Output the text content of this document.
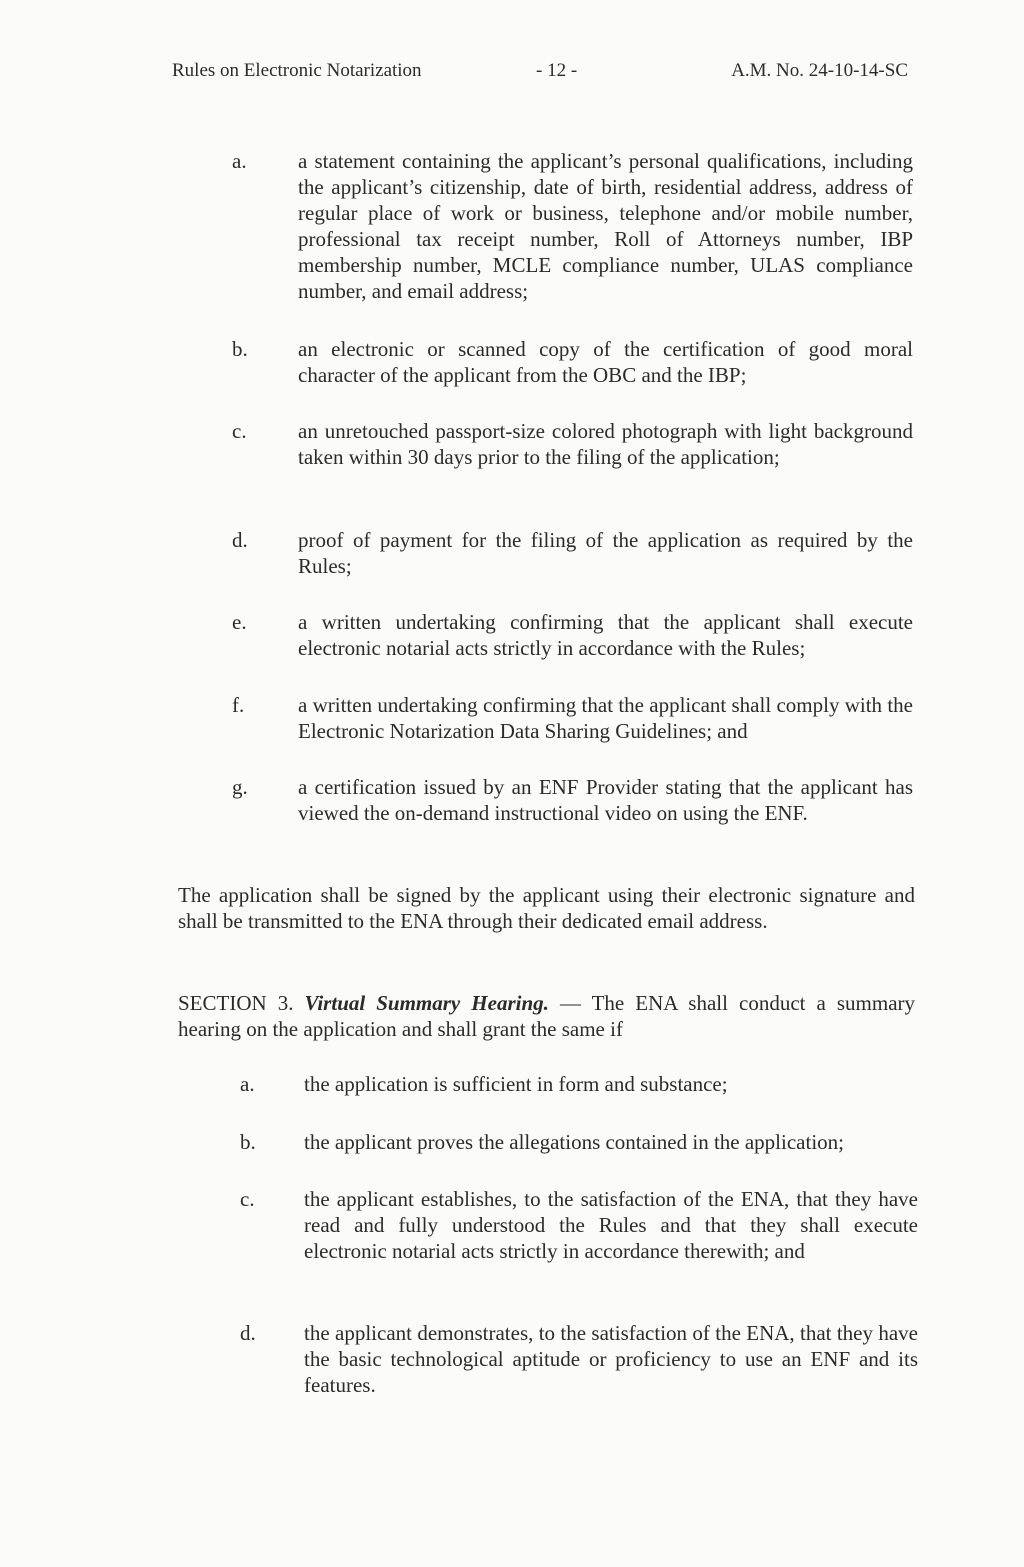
Rules on Electronic Notarization	- 12 -	A.M. No. 24-10-14-SC
a. a statement containing the applicant’s personal qualifications, including the applicant’s citizenship, date of birth, residential address, address of regular place of work or business, telephone and/or mobile number, professional tax receipt number, Roll of Attorneys number, IBP membership number, MCLE compliance number, ULAS compliance number, and email address;
b. an electronic or scanned copy of the certification of good moral character of the applicant from the OBC and the IBP;
c. an unretouched passport-size colored photograph with light background taken within 30 days prior to the filing of the application;
d. proof of payment for the filing of the application as required by the Rules;
e. a written undertaking confirming that the applicant shall execute electronic notarial acts strictly in accordance with the Rules;
f.	a written undertaking confirming that the applicant shall comply with the Electronic Notarization Data Sharing Guidelines; and
g. a certification issued by an ENF Provider stating that the applicant has viewed the on-demand instructional video on using the ENF.
The application shall be signed by the applicant using their electronic signature and shall be transmitted to the ENA through their dedicated email address.
SECTION 3. Virtual Summary Hearing. — The ENA shall conduct a summary hearing on the application and shall grant the same if
a. the application is sufficient in form and substance;
b. the applicant proves the allegations contained in the application;
c. the applicant establishes, to the satisfaction of the ENA, that they have read and fully understood the Rules and that they shall execute electronic notarial acts strictly in accordance therewith; and
d. the applicant demonstrates, to the satisfaction of the ENA, that they have the basic technological aptitude or proficiency to use an ENF and its features.
